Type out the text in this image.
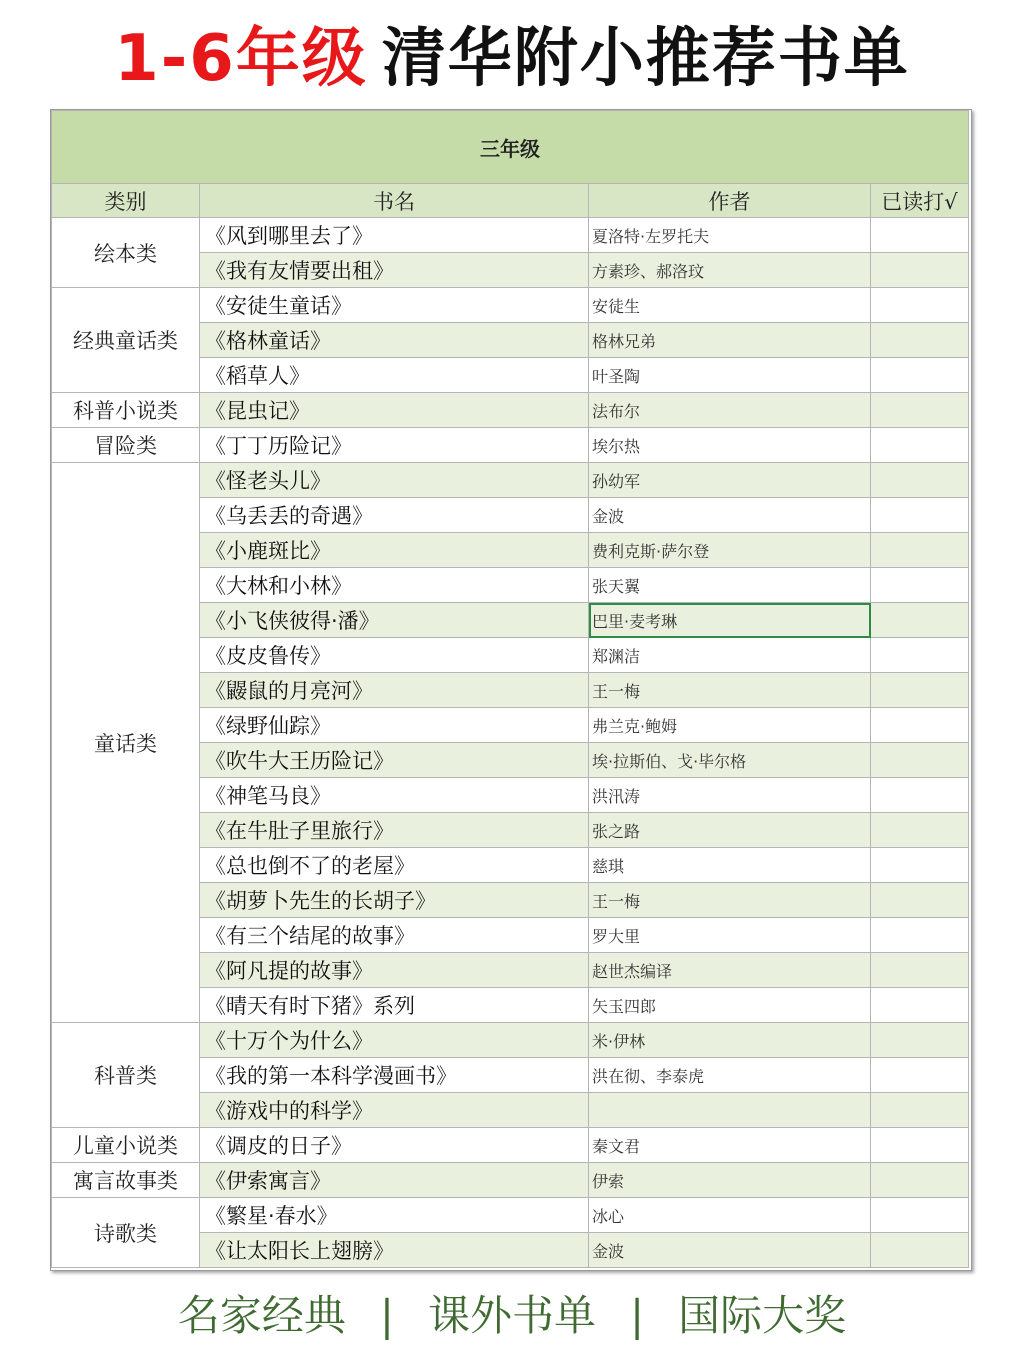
1-6年级 清华附小推荐书单
三年级			
类别	书名	作者	已读打√
绘本类	《风到哪里去了》	夏洛特·左罗托夫	
	《我有友情要出租》	方素珍、郝洛玟	
经典童话类	《安徒生童话》	安徒生	
	《格林童话》	格林兄弟	
	《稻草人》	叶圣陶	
科普小说类	《昆虫记》	法布尔	
冒险类	《丁丁历险记》	埃尔热	
童话类	《怪老头儿》	孙幼军	
	《乌丢丢的奇遇》	金波	
	《小鹿斑比》	费利克斯·萨尔登	
	《大林和小林》	张天翼	
	《小飞侠彼得·潘》	巴里·麦考琳	
	《皮皮鲁传》	郑渊洁	
	《鼹鼠的月亮河》	王一梅	
	《绿野仙踪》	弗兰克·鲍姆	
	《吹牛大王历险记》	埃·拉斯伯、戈·毕尔格	
	《神笔马良》	洪汛涛	
	《在牛肚子里旅行》	张之路	
	《总也倒不了的老屋》	慈琪	
	《胡萝卜先生的长胡子》	王一梅	
	《有三个结尾的故事》	罗大里	
	《阿凡提的故事》	赵世杰编译	
	《晴天有时下猪》系列	矢玉四郎	
科普类	《十万个为什么》	米·伊林	
	《我的第一本科学漫画书》	洪在彻、李泰虎	
	《游戏中的科学》		
儿童小说类	《调皮的日子》	秦文君	
寓言故事类	《伊索寓言》	伊索	
诗歌类	《繁星·春水》	冰心	
	《让太阳长上翅膀》	金波	
名家经典 | 课外书单 | 国际大奖
